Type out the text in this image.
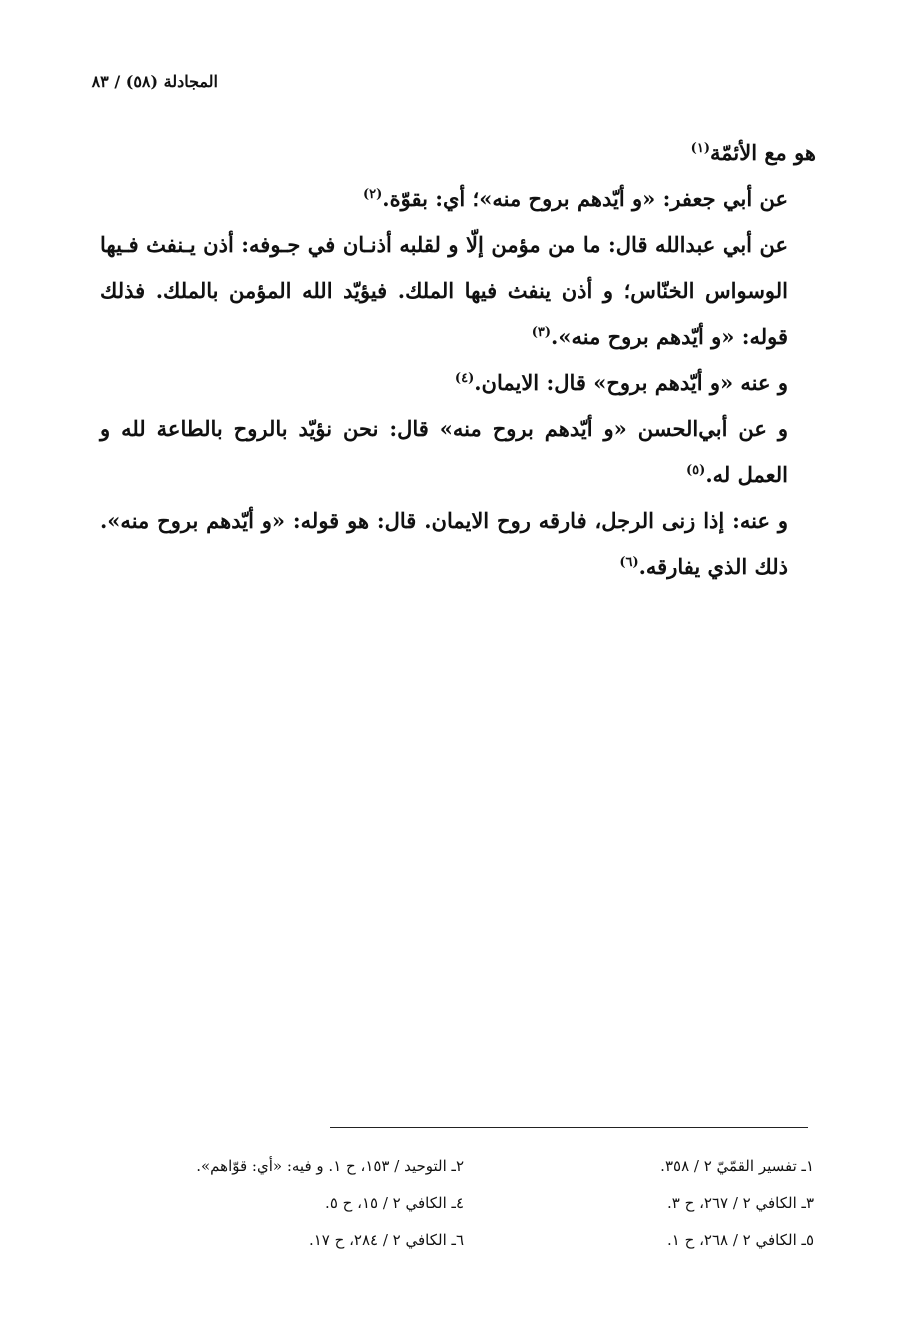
المجادلة (٥٨) / ٨٣

هو مع الأئمّة$^{(١)}$

عن أبي جعفر: «و أيّدهم بروح منه»؛ أي: بقوّة.$^{(٢)}$

عن أبي عبدالله قال: ما من مؤمن إلّا و لقلبه أذنـان في جـوفه: أذن يـنفث فـيها الوسواس الخنّاس؛ و أذن ينفث فيها الملك. فيؤيّد الله المؤمن بالملك. فذلك قوله: «و أيّدهم بروح منه».$^{(٣)}$

و عنه «و أيّدهم بروح» قال: الايمان.$^{(٤)}$

و عن أبي‌الحسن «و أيّدهم بروح منه» قال: نحن نؤيّد بالروح بالطاعة لله و العمل له.$^{(٥)}$

و عنه: إذا زنى الرجل، فارقه روح الايمان. قال: هو قوله: «و أيّدهم بروح منه». ذلك الذي يفارقه.$^{(٦)}$

١ـ تفسير القمّيّ ٢ / ٣٥٨.
٢ـ التوحيد / ١٥٣، ح ١. و فيه: «أي: قوّاهم».
٣ـ الكافي ٢ / ٢٦٧، ح ٣.
٤ـ الكافي ٢ / ١٥، ح ٥.
٥ـ الكافي ٢ / ٢٦٨، ح ١.
٦ـ الكافي ٢ / ٢٨٤، ح ١٧.
